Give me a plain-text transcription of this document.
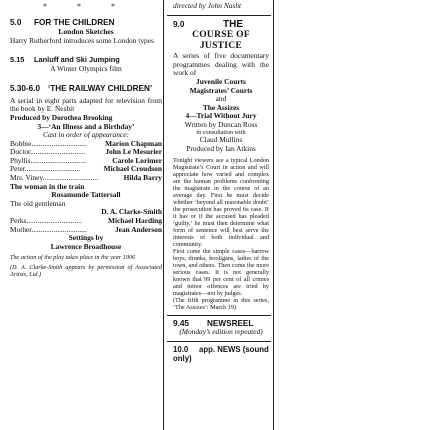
* * *
5.0 FOR THE CHILDREN

London Sketches

Harry Rutherford introduces some London types

5.15 Lanluff and Ski Jumping

A Winter Olympics film

5.30-6.0 ‘THE RAILWAY CHILDREN’

A serial in eight parts adapted for television from the book by E. Nesbit

Produced by Dorothea Brooking

3—‘An Illness and a Birthday’

Cast in order of appearance:

Bobbie..............................	Marion Chapman
Doctor..............................	John Le Mesurier
Phyllis..............................	Carole Lorimer
Peter..............................	Michael Croudson
Mrs. Viney..............................	Hilda Barry

The woman in the train

Rosamunde Tattersall

The old gentleman

D. A. Clarke-Smith

Perks..............................	Michael Harding
Mother..............................	Jean Anderson

Settings by

Lawrence Broadhouse

The action of the play takes place in the year 1906

(D. A. Clarke-Smith appears by permission of Associated Artists, Ltd.)

directed by John Nasht

9.0	THE

COURSE OF JUSTICE

A series of five documentary programmes dealing with the work of

Juvenile Courts

Magistrates’ Courts

and

The Assizes

4—Trial Without Jury

Written by Duncan Ross

in consultation with

Claud Mullins

Produced by Ian Atkins

Tonight viewers see a typical London Magistrate’s Court in action and will appreciate how varied and complex are the human problems confronting the magistrate in the course of an average day. First he must decide whether ‘beyond all reasonable doubt’ the prosecution has proved its case. If it has or if the accused has pleaded ‘guilty,’ he must then determine what form of sentence will best serve the interests of both individual and community.

First come the simple cases—barrow boys, drunks, hooligans, ladies of the town, and others. Then come the more serious cases. It is not generally known that 99 per cent of all crimes and minor offences are tried by magistrates—not by judges.

(The fifth programme in this series, ‘The Assizes’: March 19)

9.45 NEWSREEL

(Monday’s edition repeated)

10.0 app. NEWS (sound only)
